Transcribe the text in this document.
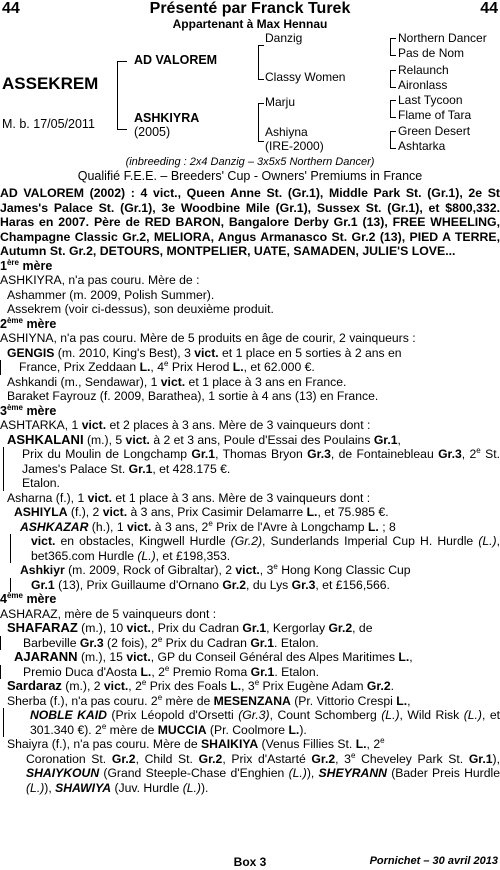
44	Présenté par Franck Turek	44
Appartenant à Max Hennau
ASSEKREM
M. b. 17/05/2011
AD VALOREM
ASHKIYRA
(2005)
Danzig
Classy Women
Marju
Ashiyna
(IRE-2000)
Northern Dancer
Pas de Nom
Relaunch
Aironlass
Last Tycoon
Flame of Tara
Green Desert
Ashtarka
(inbreeding : 2x4 Danzig – 3x5x5 Northern Dancer)
Qualifié F.E.E. – Breeders' Cup - Owners' Premiums in France

AD VALOREM (2002) : 4 vict., Queen Anne St. (Gr.1), Middle Park St. (Gr.1), 2e St James's Palace St. (Gr.1), 3e Woodbine Mile (Gr.1), Sussex St. (Gr.1), et $800,332. Haras en 2007. Père de RED BARON, Bangalore Derby Gr.1 (13), FREE WHEELING, Champagne Classic Gr.2, MELIORA, Angus Armanasco St. Gr.2 (13), PIED A TERRE, Autumn St. Gr.2, DETOURS, MONTPELIER, UATE, SAMADEN, JULIE'S LOVE...

1ère mère

ASHKIYRA, n'a pas couru. Mère de :

Ashammer (m. 2009, Polish Summer).

Assekrem (voir ci-dessus), son deuxième produit.

2ème mère

ASHIYNA, n'a pas couru. Mère de 5 produits en âge de courir, 2 vainqueurs :

GENGIS (m. 2010, King's Best), 3 vict. et 1 place en 5 sorties à 2 ans en

France, Prix Zeddaan L., 4e Prix Herod L., et 62.000 €.

Ashkandi (m., Sendawar), 1 vict. et 1 place à 3 ans en France.

Baraket Fayrouz (f. 2009, Barathea), 1 sortie à 4 ans (13) en France.

3ème mère

ASHTARKA, 1 vict. et 2 places à 3 ans. Mère de 3 vainqueurs dont :

ASHKALANI (m.), 5 vict. à 2 et 3 ans, Poule d'Essai des Poulains Gr.1,

Prix du Moulin de Longchamp Gr.1, Thomas Bryon Gr.3, de Fontainebleau Gr.3, 2e St. James's Palace St. Gr.1, et 428.175 €.

Etalon.

Asharna (f.), 1 vict. et 1 place à 3 ans. Mère de 3 vainqueurs dont :

ASHIYLA (f.), 2 vict. à 3 ans, Prix Casimir Delamarre L., et 75.985 €.

ASHKAZAR (h.), 1 vict. à 3 ans, 2e Prix de l'Avre à Longchamp L. ; 8

vict. en obstacles, Kingwell Hurdle (Gr.2), Sunderlands Imperial Cup H. Hurdle (L.), bet365.com Hurdle (L.), et £198,353.

Ashkiyr (m. 2009, Rock of Gibraltar), 2 vict., 3e Hong Kong Classic Cup

Gr.1 (13), Prix Guillaume d'Ornano Gr.2, du Lys Gr.3, et £156,566.

4ème mère

ASHARAZ, mère de 5 vainqueurs dont :

SHAFARAZ (m.), 10 vict., Prix du Cadran Gr.1, Kergorlay Gr.2, de

Barbeville Gr.3 (2 fois), 2e Prix du Cadran Gr.1. Etalon.

AJARANN (m.), 15 vict., GP du Conseil Général des Alpes Maritimes L.,

Premio Duca d'Aosta L., 2e Premio Roma Gr.1. Etalon.

Sardaraz (m.), 2 vict., 2e Prix des Foals L., 3e Prix Eugène Adam Gr.2.

Sherba (f.), n'a pas couru. 2e mère de MESENZANA (Pr. Vittorio Crespi L.,

NOBLE KAID (Prix Léopold d'Orsetti (Gr.3), Count Schomberg (L.), Wild Risk (L.), et 301.340 €). 2e mère de MUCCIA (Pr. Coolmore L.).

Shaiyra (f.), n'a pas couru. Mère de SHAIKIYA (Venus Fillies St. L., 2e

Coronation St. Gr.2, Child St. Gr.2, Prix d'Astarté Gr.2, 3e Cheveley Park St. Gr.1), SHAIYKOUN (Grand Steeple-Chase d'Enghien (L.)), SHEYRANN (Bader Preis Hurdle (L.)), SHAWIYA (Juv. Hurdle (L.)).

Box 3	Pornichet – 30 avril 2013
